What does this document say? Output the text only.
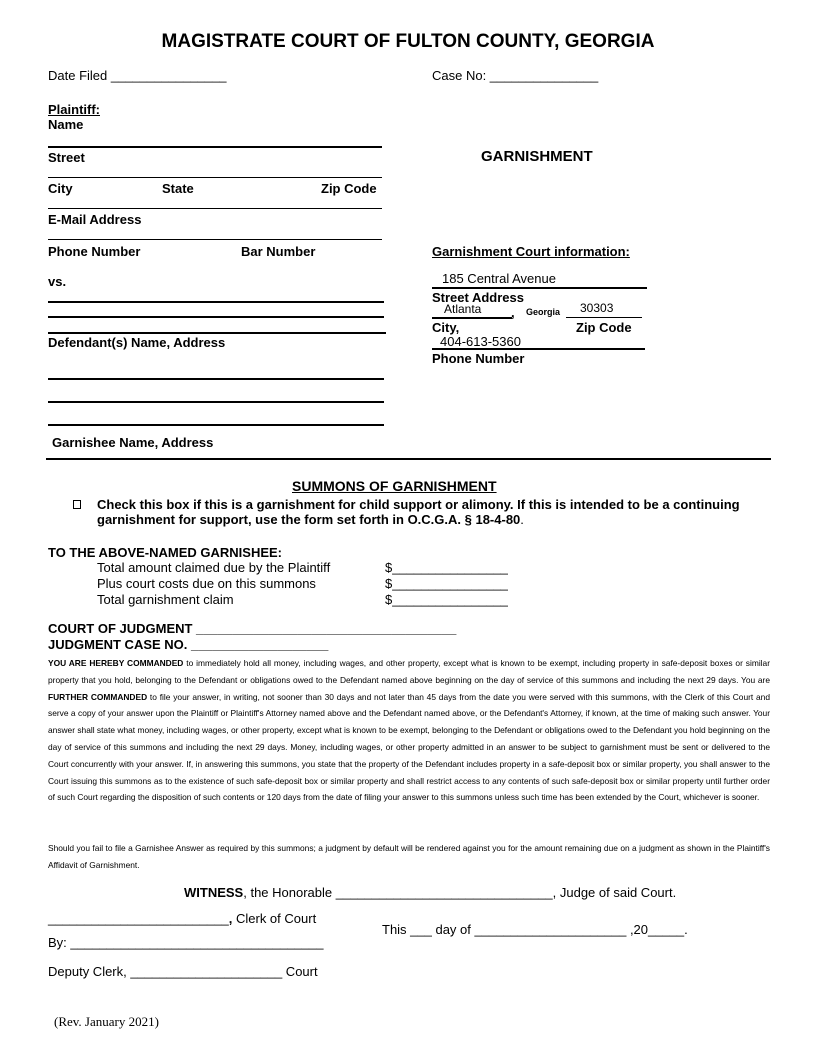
MAGISTRATE COURT OF FULTON COUNTY, GEORGIA
Date Filed ________________	Case No: _______________
Plaintiff:
Name
Street
City	State	Zip Code
E-Mail Address
Phone Number	Bar Number
GARNISHMENT
vs.
Defendant(s) Name, Address
Garnishee Name, Address
Garnishment Court information:
185 Central Avenue
Street Address
Atlanta , Georgia 30303
City,	Zip Code
404-613-5360
Phone Number
SUMMONS OF GARNISHMENT
Check this box if this is a garnishment for child support or alimony. If this is intended to be a continuing
garnishment for support, use the form set forth in O.C.G.A. § 18-4-80.
TO THE ABOVE-NAMED GARNISHEE:
Total amount claimed due by the Plaintiff	$________________
Plus court costs due on this summons	$________________
Total garnishment claim	$________________
COURT OF JUDGMENT ____________________________________
JUDGMENT CASE NO. ___________________
YOU ARE HEREBY COMMANDED to immediately hold all money, including wages, and other property, except what is known to be exempt, including property in safe-deposit boxes or similar property that you hold, belonging to the Defendant or obligations owed to the Defendant named above beginning on the day of service of this summons and including the next 29 days. You are FURTHER COMMANDED to file your answer, in writing, not sooner than 30 days and not later than 45 days from the date you were served with this summons, with the Clerk of this Court and serve a copy of your answer upon the Plaintiff or Plaintiff's Attorney named above and the Defendant named above, or the Defendant's Attorney, if known, at the time of making such answer. Your answer shall state what money, including wages, or other property, except what is known to be exempt, belonging to the Defendant or obligations owed to the Defendant you hold beginning on the day of service of this summons and including the next 29 days. Money, including wages, or other property admitted in an answer to be subject to garnishment must be sent or delivered to the Court concurrently with your answer. If, in answering this summons, you state that the property of the Defendant includes property in a safe-deposit box or similar property, you shall answer to the Court issuing this summons as to the existence of such safe-deposit box or similar property and shall restrict access to any contents of such safe-deposit box or similar property until further order of such Court regarding the disposition of such contents or 120 days from the date of filing your answer to this summons unless such time has been extended by the Court, whichever is sooner.
Should you fail to file a Garnishee Answer as required by this summons; a judgment by default will be rendered against you for the amount remaining due on a judgment as shown in the Plaintiff's Affidavit of Garnishment.
WITNESS, the Honorable ______________________________, Judge of said Court.
_________________________, Clerk of Court
This ___ day of _____________________ ,20_____.
By: ___________________________________
Deputy Clerk, _____________________ Court
(Rev. January 2021)
